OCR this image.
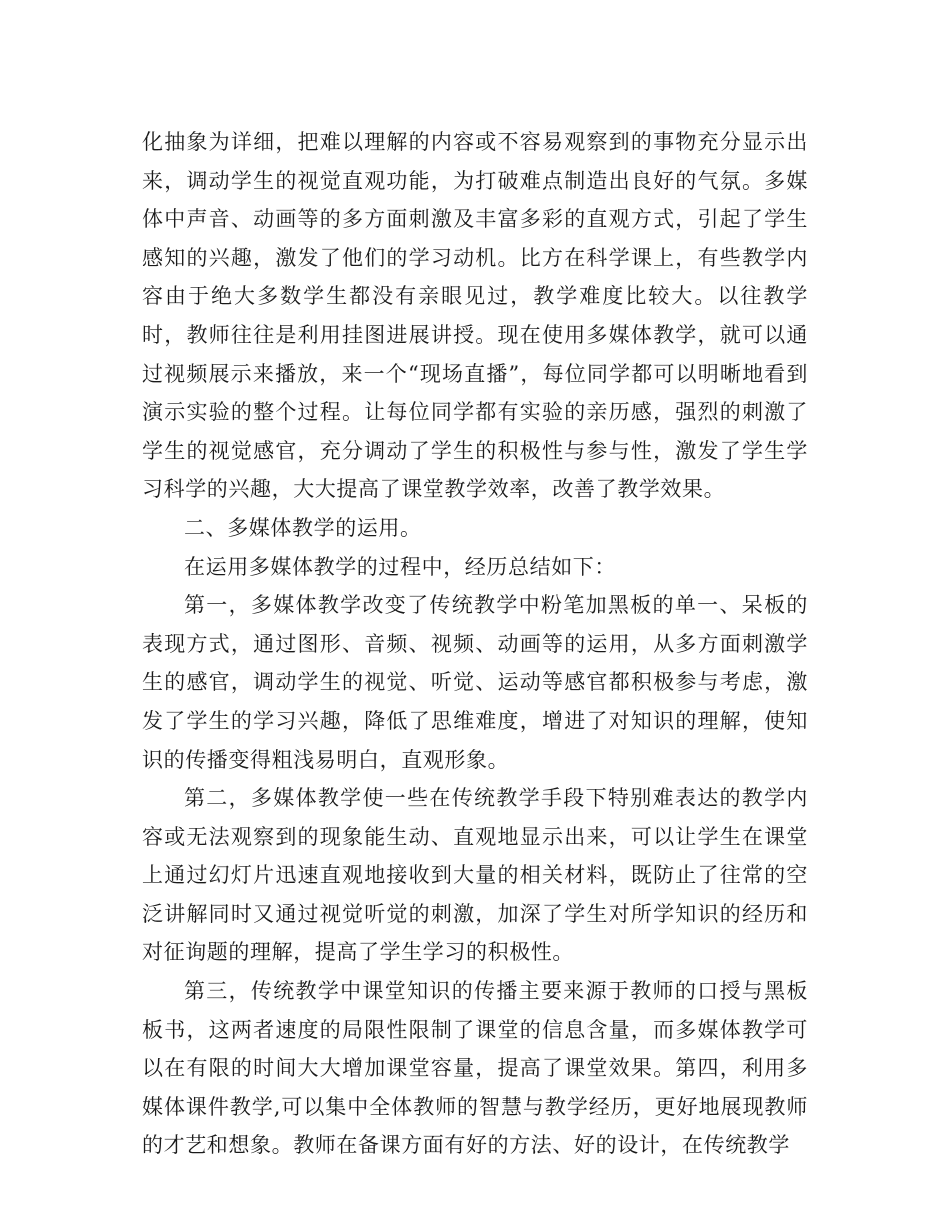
化抽象为详细，把难以理解的内容或不容易观察到的事物充分显示出来，调动学生的视觉直观功能，为打破难点制造出良好的气氛。多媒体中声音、动画等的多方面刺激及丰富多彩的直观方式，引起了学生感知的兴趣，激发了他们的学习动机。比方在科学课上，有些教学内容由于绝大多数学生都没有亲眼见过，教学难度比较大。以往教学时，教师往往是利用挂图进展讲授。现在使用多媒体教学，就可以通过视频展示来播放，来一个“现场直播”，每位同学都可以明晰地看到演示实验的整个过程。让每位同学都有实验的亲历感，强烈的刺激了学生的视觉感官，充分调动了学生的积极性与参与性，激发了学生学习科学的兴趣，大大提高了课堂教学效率，改善了教学效果。

二、多媒体教学的运用。

在运用多媒体教学的过程中，经历总结如下：

第一，多媒体教学改变了传统教学中粉笔加黑板的单一、呆板的表现方式，通过图形、音频、视频、动画等的运用，从多方面刺激学生的感官，调动学生的视觉、听觉、运动等感官都积极参与考虑，激发了学生的学习兴趣，降低了思维难度，增进了对知识的理解，使知识的传播变得粗浅易明白，直观形象。

第二，多媒体教学使一些在传统教学手段下特别难表达的教学内容或无法观察到的现象能生动、直观地显示出来，可以让学生在课堂上通过幻灯片迅速直观地接收到大量的相关材料，既防止了往常的空泛讲解同时又通过视觉听觉的刺激，加深了学生对所学知识的经历和对征询题的理解，提高了学生学习的积极性。

第三，传统教学中课堂知识的传播主要来源于教师的口授与黑板板书，这两者速度的局限性限制了课堂的信息含量，而多媒体教学可以在有限的时间大大增加课堂容量，提高了课堂效果。第四，利用多媒体课件教学,可以集中全体教师的智慧与教学经历，更好地展现教师的才艺和想象。教师在备课方面有好的方法、好的设计，在传统教学
